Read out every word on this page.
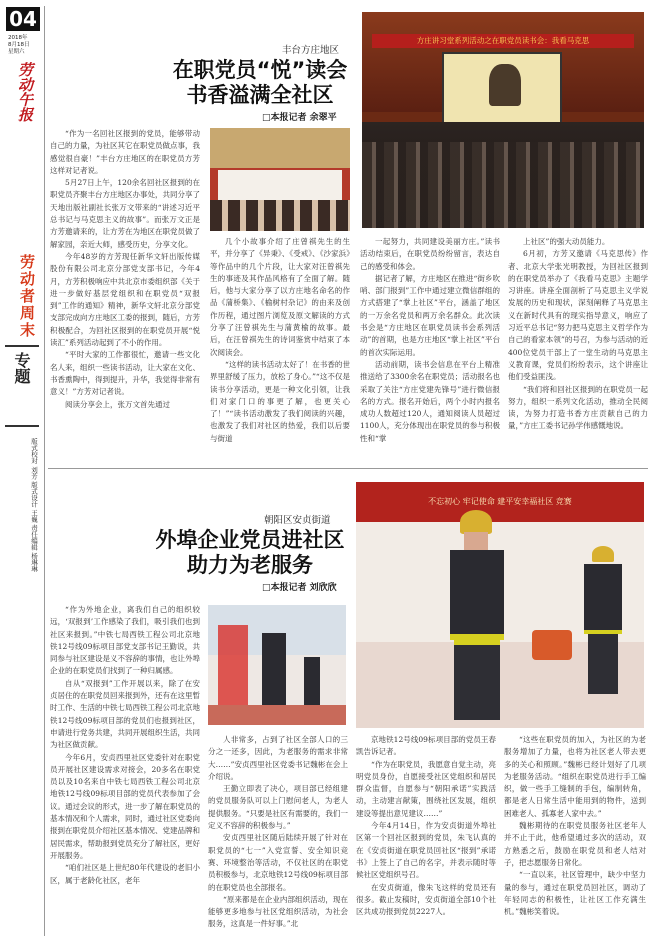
04
2018年
8月18日
星期六
劳动午报
劳动者周末
专题
版式校对 刘芳 版式设计 王巍 责任编辑 杨琳琳
丰台方庄地区
在职党员“悦”读会
书香溢满全社区
□本报记者 余翠平
方庄讲习堂系列活动之在职党员读书会：我看马克思

“作为一名回社区报到的党员，能够带动自己的力量，为社区其它在职党员做点事，我感觉很自豪！”丰台方庄地区的在职党员方芳这样对记者说。

5月27日上午，120余名回社区报到的在职党员齐聚丰台方庄地区办事处，共同分享了天地出版社副社长张万文带来的“讲述习近平总书记与马克思主义的故事”。而张万文正是方芳邀请来的，让方芳在为地区在职党员做了解家园，亲近大师，感受历史，分享文化。

今年48岁的方芳现任新华文轩出版传媒股份有限公司北京分部党支部书记，今年4月，方芳积极响应中共北京市委组织部《关于进一步做好基层党组织和在职党员“双报到”工作的通知》精神，新华文轩北京分部党支部完成向方庄地区工委的报到，随后，方芳积极配合，为回社区报到的在职党员开展“悦读汇”系列活动起到了不小的作用。

“平时大家的工作都很忙，邀请一些文化名人来，组织一些读书活动，让大家在文化、书香熏陶中，得到提升，升华，我觉得非常有意义！”方芳对记者说。

阅读分享会上，张万文首先通过

几个小故事介绍了庄曾祺先生的生平，并分享了《异秉》、《受戒》、《沙家浜》等作品中的几个片段，让大家对汪曾祺先生的事迹及其作品风格有了全面了解。随后，他与大家分享了以方庄地名命名的作品《蒲桥集》、《榆树村杂记》的由来及创作历程，通过图片浏览及原文解读的方式分享了汪曾祺先生与蒲黄榆的故事。最后，在汪曾祺先生的诗词鉴赏中结束了本次阅读会。

“这样的读书活动太好了！在书香的世界里舒缓了压力，放松了身心。”“这不仅是读书分享活动，更是一种文化引领，让我们对家门口的事更了解，也更关心了！”“读书活动激发了我们阅读的兴趣，也激发了我们对社区的热爱，我们以后要与街道

一起努力，共同建设美丽方庄。”读书活动结束后，在职党员纷纷留言，表达自己的感受和体会。

据记者了解，方庄地区在推进“街乡吹哨、部门报到”工作中通过建立微信群组的方式搭建了“掌上社区”平台，涵盖了地区的一万余名党员和两万余名群众。此次读书会是“方庄地区在职党员读书会系列活动”的首期，也是方庄地区“掌上社区”平台的首次实际运用。

活动前期，读书会信息在平台上精准推送给了3300余名在职党员；活动报名也采取了关注“方庄党建先锋号”进行微信报名的方式。报名开始后，两个小时内报名成功人数超过120人，通知阅读人员超过1100人，充分体现出在职党员的参与积极性和“掌

上社区”的强大动员能力。

6月初，方芳又邀请《马克思传》作者、北京大学张光明教授，为回社区报到的在职党员举办了《我看马克思》主题学习讲座。讲座全面剖析了马克思主义学说发展的历史和现状，深刻阐释了马克思主义在新时代具有的现实指导意义，响应了习近平总书记“努力把马克思主义哲学作为自己的看家本领”的号召，为参与活动的近400位党员干部上了一堂生动的马克思主义教育课，党员们纷纷表示，这个讲座让他们受益匪浅。

“我们将和回社区报到的在职党员一起努力，组织一系列文化活动，推动全民阅读，为努力打造书香方庄贡献自己的力量，”方庄工委书记孙学伟感慨地说。

朝阳区安贞街道
外埠企业党员进社区
助力为老服务
□本报记者 刘欣欣
不忘初心 牢记使命 建平安幸福社区 竞赛

“作为外地企业，离我们自己的组织较远，‘双报到’工作感染了我们，吸引我们也到社区来报到。”中铁七局西铁工程公司北京地铁12号线09标项目部党支部书记王勤说，共同参与社区建设是义不容辞的事情，也让外埠企业的在职党员们找到了一种归属感。

自从“双报到”工作开展以来，除了在安贞居住的在职党员回来报到外，还有在这里暂时工作、生活的中铁七局西铁工程公司北京地铁12号线09标项目部的党员们也报到社区，申请进行党务共建，共同开展组织生活，共同为社区做贡献。

今年6月，安贞西里社区党委针对在职党员开展社区建设需求对接会，20多名在职党员以及10名来自中铁七局西铁工程公司北京地铁12号线09标项目部的党员代表参加了会议。通过会议的形式，进一步了解在职党员的基本情况和个人需求，同时，通过社区党委向报到在职党员介绍社区基本情况、党建品牌和居民需求，帮助报到党员充分了解社区，更好开展服务。

“咱们社区是上世纪80年代建设的老旧小区，属于老龄化社区，老年

人非常多，占到了社区全部人口的三分之一还多，因此，为老服务的需求非常大……”安贞西里社区党委书记魏彬在会上介绍说。

王勤立即表了决心，项目部已经组建的党员服务队可以上门慰问老人，为老人提供服务。“只要是社区有需要的，我们一定义不容辞的积极参与。”

安贞西里社区随后陆续开展了针对在职党员的“七一”入党宣誓、安全知识竞赛、环境整治等活动，不仅社区的在职党员积极参与，北京地铁12号线09标项目部的在职党员也全部报名。

“原来都是在企业内部组织活动，现在能够更多地参与社区党组织活动，为社会服务，这真是一件好事。”北

京地铁12号线09标项目部的党员王春凯告诉记者。

“作为在职党员，我愿意自觉主动，亮明党员身份，自愿接受社区党组织和居民群众监督，自愿参与“朝阳承诺”实践活动，主动建言献策，围绕社区发展，组织建设等提出意见建议……”

今年4月14日，作为安贞街道外埠社区第一个回社区报到的党员，朱飞认真的在《安贞街道在职党员回社区“报到”承诺书》上签上了自己的名字，并表示随时等候社区党组织号召。

在安贞街道，像朱飞这样的党员还有很多。截止发稿时，安贞街道全部10个社区共成功报到党员2227人。

“这些在职党员的加入，为社区的为老服务增加了力量，也将为社区老人带去更多的关心和照顾。”魏彬已经计划好了几项为老服务活动。“组织在职党员进行手工编织，做一些手工缝制的手包，编制转角，都是老人日常生活中能用到的物件，送到困难老人、孤寡老人家中去。”

魏彬期待的在职党员服务社区老年人并不止于此，他希望通过多次的活动，双方熟悉之后，鼓励在职党员和老人结对子，把志愿服务日常化。

“一直以来，社区管理中，缺少中坚力量的参与，通过在职党员回社区，调动了年轻同志的积极性，让社区工作充满生机。”魏彬笑着说。
